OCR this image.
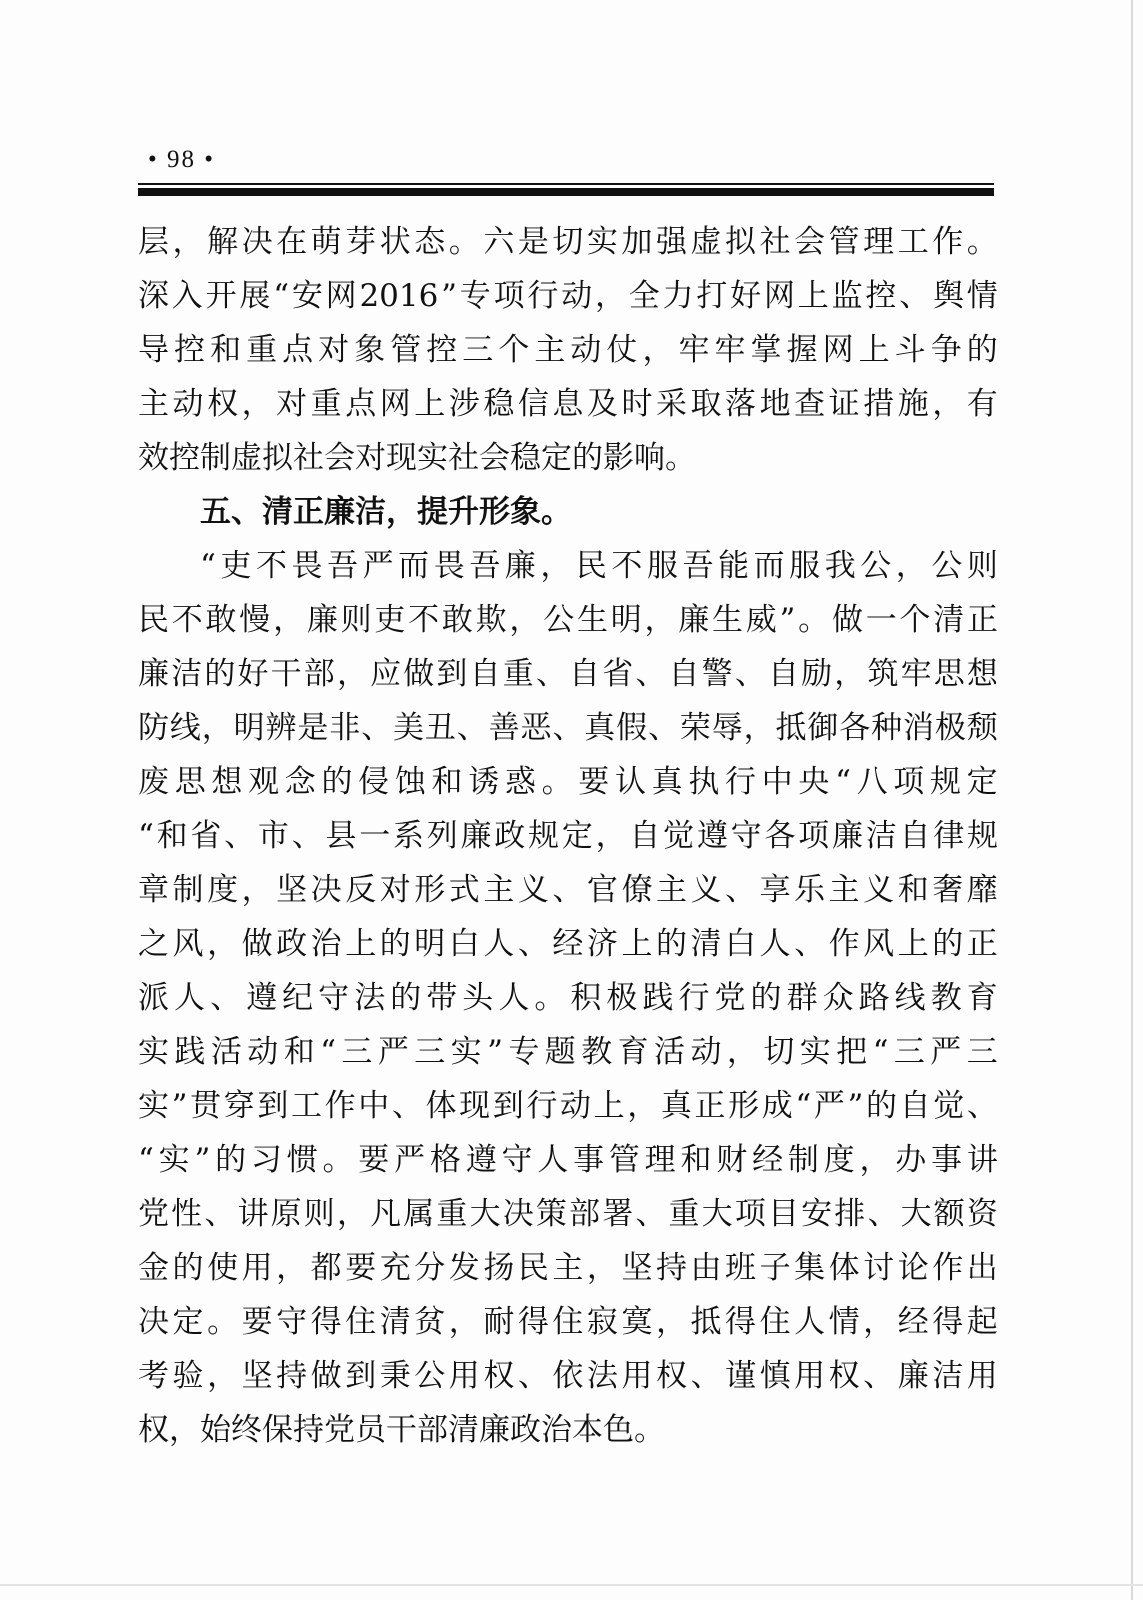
• 98 •
层 ， 解 决 在 萌 芽 状 态 。 六 是 切 实 加 强 虚 拟 社 会 管 理 工 作 。
深 入 开 展 “ 安 网 2016 ” 专 项 行 动 ， 全 力 打 好 网 上 监 控 、 舆 情
导 控 和 重 点 对 象 管 控 三 个 主 动 仗 ， 牢 牢 掌 握 网 上 斗 争 的
主 动 权 ， 对 重 点 网 上 涉 稳 信 息 及 时 采 取 落 地 查 证 措 施 ， 有
效控制虚拟社会对现实社会稳定的影响。
五、清正廉洁，提升形象。
“ 吏 不 畏 吾 严 而 畏 吾 廉 ， 民 不 服 吾 能 而 服 我 公 ， 公 则
民 不 敢 慢 ， 廉 则 吏 不 敢 欺 ， 公 生 明 ， 廉 生 威 ” 。 做 一 个 清 正
廉 洁 的 好 干 部 ， 应 做 到 自 重 、 自 省 、 自 警 、 自 励 ， 筑 牢 思 想
防 线 ， 明 辨 是 非 、 美 丑 、 善 恶 、 真 假 、 荣 辱 ， 抵 御 各 种 消 极 颓
废 思 想 观 念 的 侵 蚀 和 诱 惑 。 要 认 真 执 行 中 央 “ 八 项 规 定
“ 和 省 、 市 、 县 一 系 列 廉 政 规 定 ， 自 觉 遵 守 各 项 廉 洁 自 律 规
章 制 度 ， 坚 决 反 对 形 式 主 义 、 官 僚 主 义 、 享 乐 主 义 和 奢 靡
之 风 ， 做 政 治 上 的 明 白 人 、 经 济 上 的 清 白 人 、 作 风 上 的 正
派 人 、 遵 纪 守 法 的 带 头 人 。 积 极 践 行 党 的 群 众 路 线 教 育
实 践 活 动 和 “ 三 严 三 实 ” 专 题 教 育 活 动 ， 切 实 把 “ 三 严 三
实 ” 贯 穿 到 工 作 中 、 体 现 到 行 动 上 ， 真 正 形 成 “ 严 ” 的 自 觉 、
“ 实 ” 的 习 惯 。 要 严 格 遵 守 人 事 管 理 和 财 经 制 度 ， 办 事 讲
党 性 、 讲 原 则 ， 凡 属 重 大 决 策 部 署 、 重 大 项 目 安 排 、 大 额 资
金 的 使 用 ， 都 要 充 分 发 扬 民 主 ， 坚 持 由 班 子 集 体 讨 论 作 出
决 定 。 要 守 得 住 清 贫 ， 耐 得 住 寂 寞 ， 抵 得 住 人 情 ， 经 得 起
考 验 ， 坚 持 做 到 秉 公 用 权 、 依 法 用 权 、 谨 慎 用 权 、 廉 洁 用
权，始终保持党员干部清廉政治本色。
